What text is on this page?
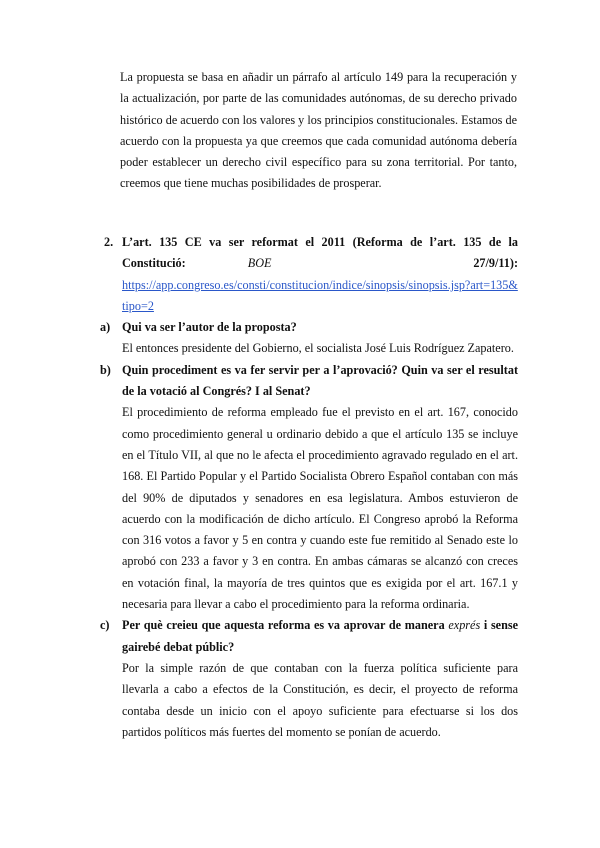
La propuesta se basa en añadir un párrafo al artículo 149 para la recuperación y la actualización, por parte de las comunidades autónomas, de su derecho privado histórico de acuerdo con los valores y los principios constitucionales. Estamos de acuerdo con la propuesta ya que creemos que cada comunidad autónoma debería poder establecer un derecho civil específico para su zona territorial. Por tanto, creemos que tiene muchas posibilidades de prosperar.

2. L’art. 135 CE va ser reformat el 2011 (Reforma de l’art. 135 de la Constitució:	BOE	27/9/11):
https://app.congreso.es/consti/constitucion/indice/sinopsis/sinopsis.jsp?art=135&tipo=2
a) Qui va ser l’autor de la proposta?

El entonces presidente del Gobierno, el socialista José Luis Rodríguez Zapatero.

b) Quin procediment es va fer servir per a l’aprovació? Quin va ser el resultat de la votació al Congrés? I al Senat?

El procedimiento de reforma empleado fue el previsto en el art. 167, conocido como procedimiento general u ordinario debido a que el artículo 135 se incluye en el Título VII, al que no le afecta el procedimiento agravado regulado en el art. 168. El Partido Popular y el Partido Socialista Obrero Español contaban con más del 90% de diputados y senadores en esa legislatura. Ambos estuvieron de acuerdo con la modificación de dicho artículo. El Congreso aprobó la Reforma con 316 votos a favor y 5 en contra y cuando este fue remitido al Senado este lo aprobó con 233 a favor y 3 en contra. En ambas cámaras se alcanzó con creces en votación final, la mayoría de tres quintos que es exigida por el art. 167.1 y necesaria para llevar a cabo el procedimiento para la reforma ordinaria.

c) Per què creieu que aquesta reforma es va aprovar de manera exprés i sense gairebé debat públic?

Por la simple razón de que contaban con la fuerza política suficiente para llevarla a cabo a efectos de la Constitución, es decir, el proyecto de reforma contaba desde un inicio con el apoyo suficiente para efectuarse si los dos partidos políticos más fuertes del momento se ponían de acuerdo.
